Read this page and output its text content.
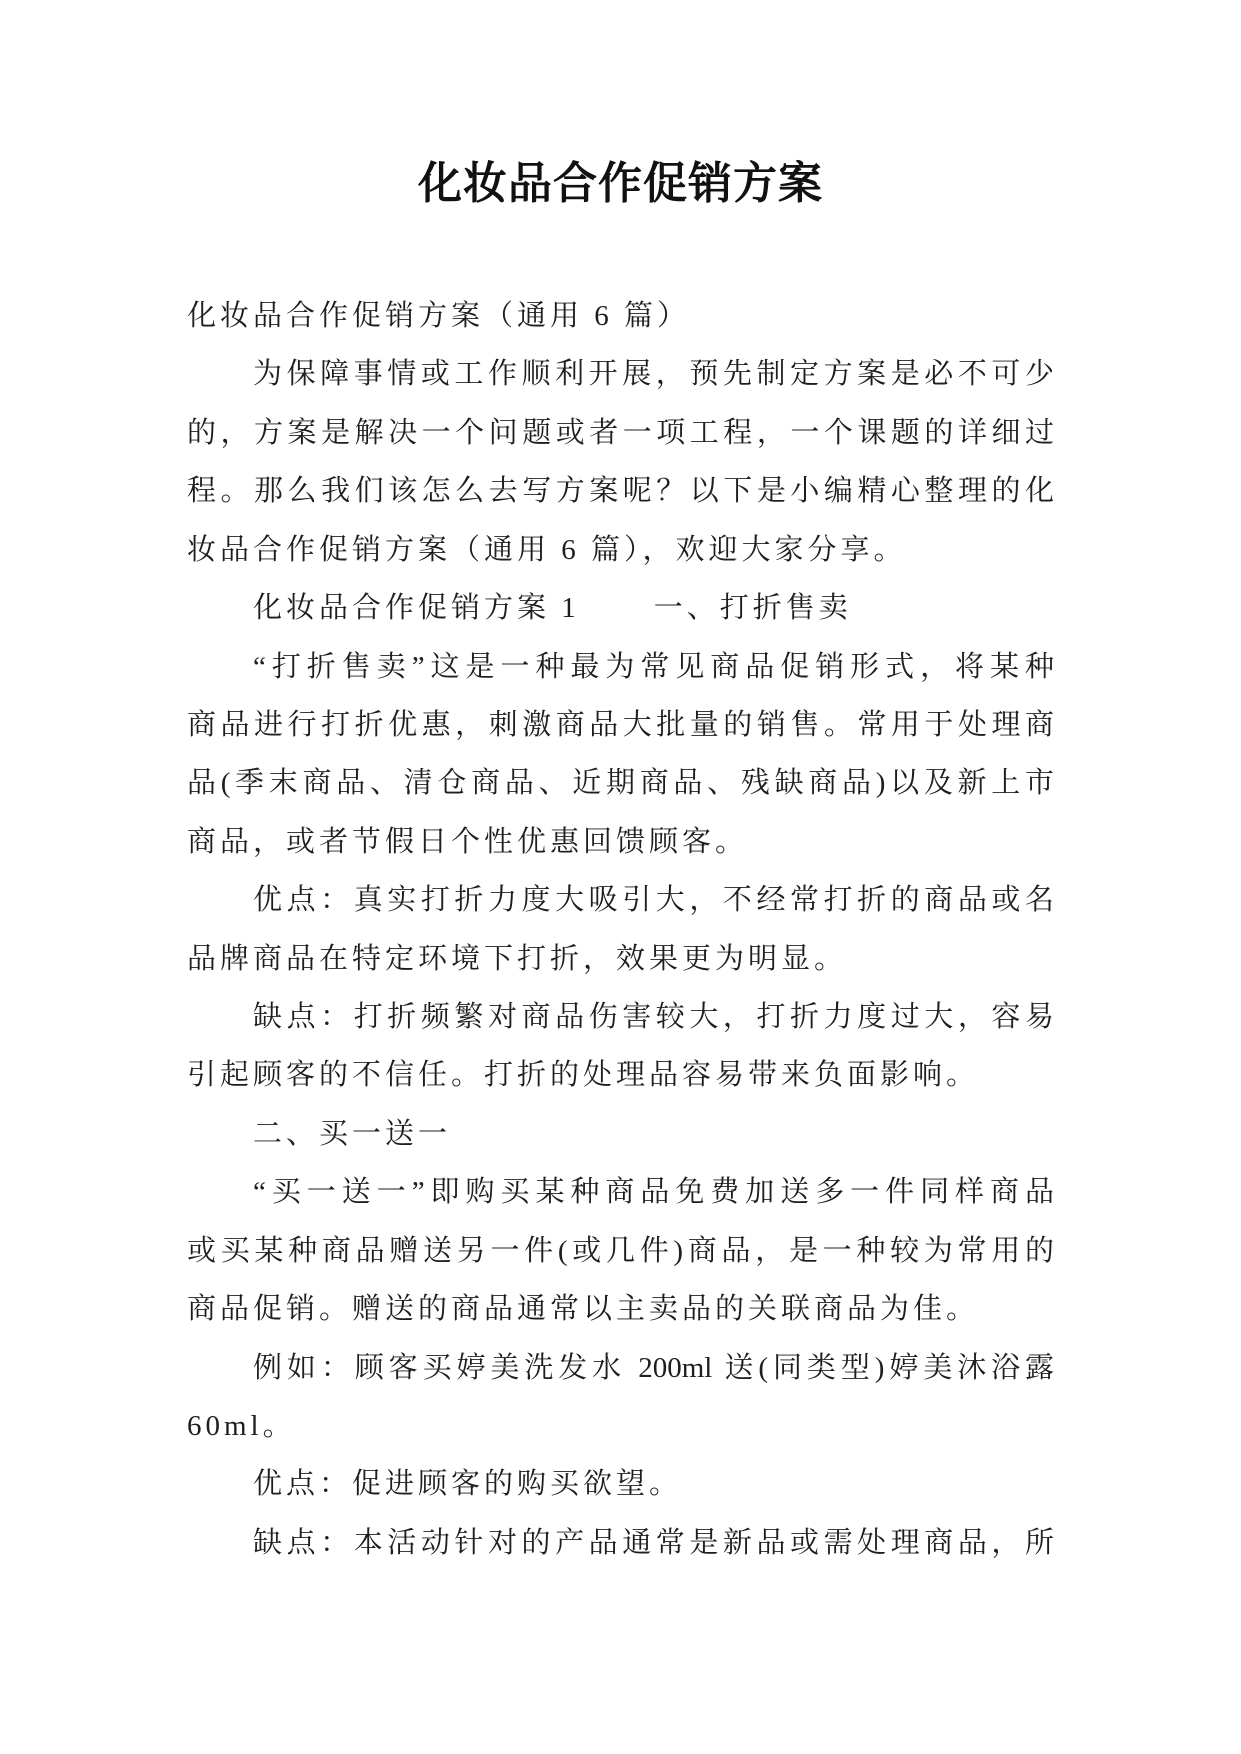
化妆品合作促销方案
化妆品合作促销方案（通用 6 篇）
为保障事情或工作顺利开展，预先制定方案是必不可少
的，方案是解决一个问题或者一项工程，一个课题的详细过
程。那么我们该怎么去写方案呢？以下是小编精心整理的化
妆品合作促销方案（通用 6 篇），欢迎大家分享。
化妆品合作促销方案 1	一、打折售卖
“打折售卖”这是一种最为常见商品促销形式，将某种
商品进行打折优惠，刺激商品大批量的销售。常用于处理商
品(季末商品、清仓商品、近期商品、残缺商品)以及新上市
商品，或者节假日个性优惠回馈顾客。
优点：真实打折力度大吸引大，不经常打折的商品或名
品牌商品在特定环境下打折，效果更为明显。
缺点：打折频繁对商品伤害较大，打折力度过大，容易
引起顾客的不信任。打折的处理品容易带来负面影响。
二、买一送一
“买一送一”即购买某种商品免费加送多一件同样商品
或买某种商品赠送另一件(或几件)商品，是一种较为常用的
商品促销。赠送的商品通常以主卖品的关联商品为佳。
例如：顾客买婷美洗发水 200ml 送(同类型)婷美沐浴露
60ml。
优点：促进顾客的购买欲望。
缺点：本活动针对的产品通常是新品或需处理商品，所
